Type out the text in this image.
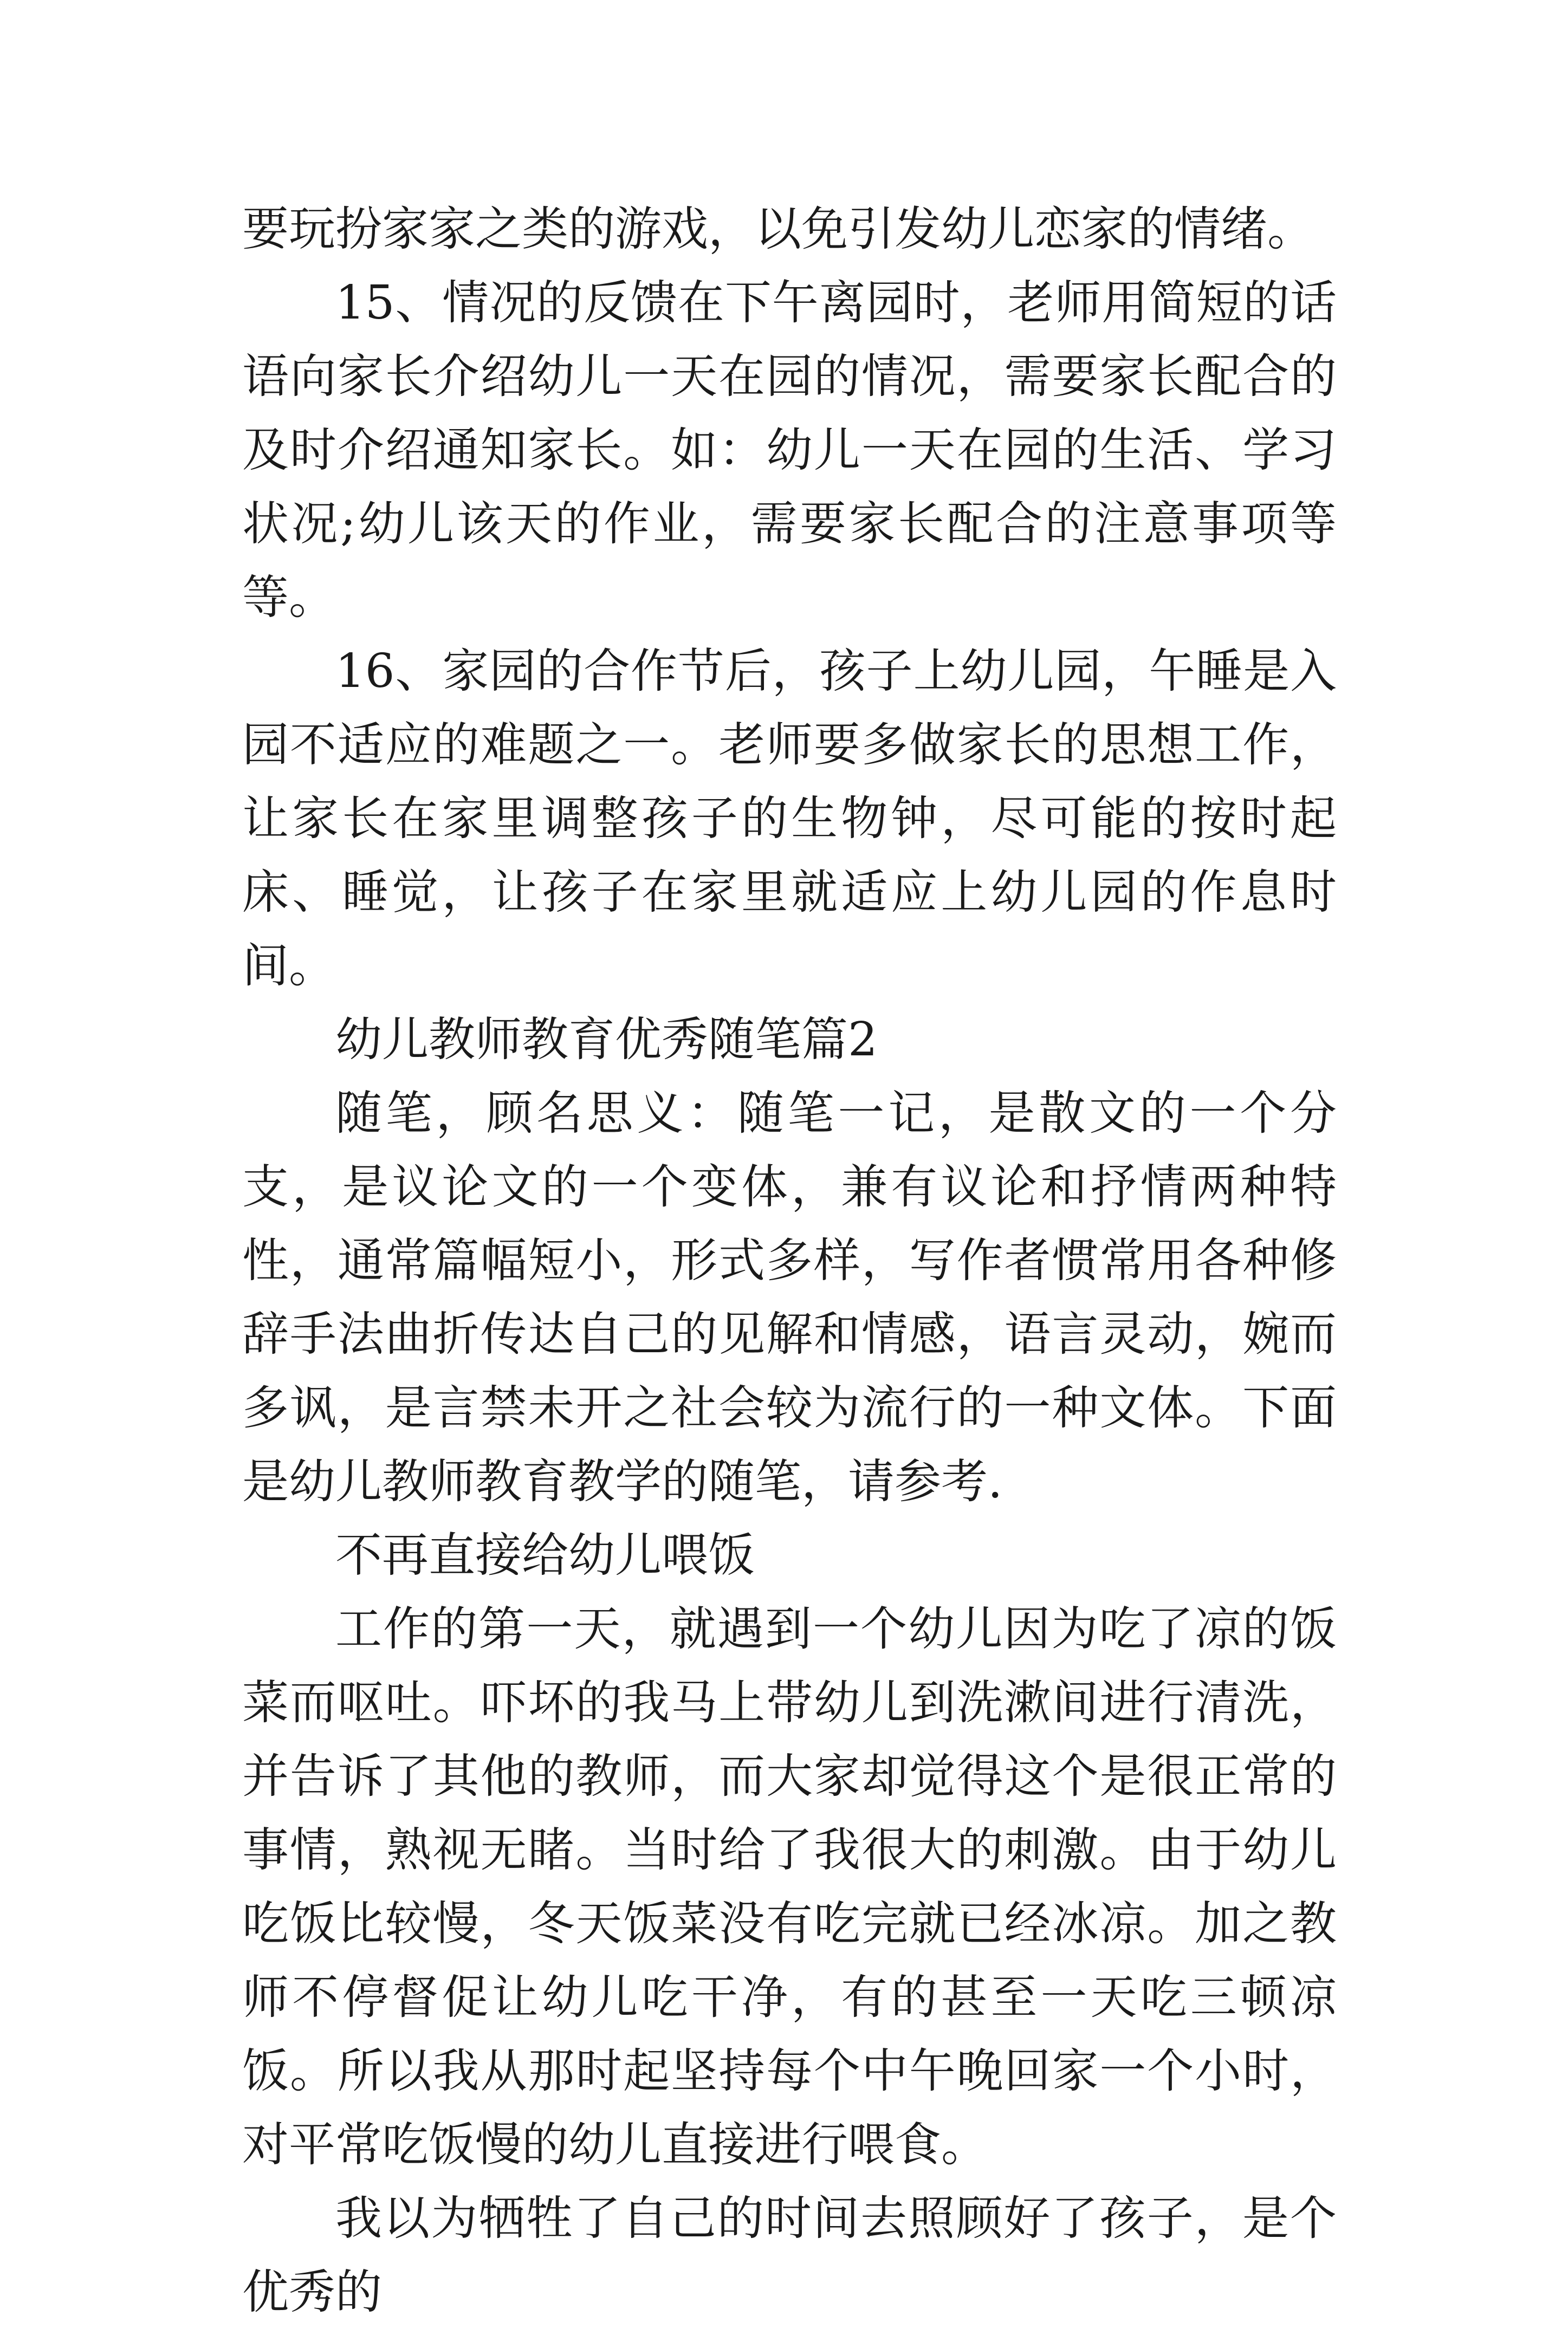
要玩扮家家之类的游戏，以免引发幼儿恋家的情绪。

15、情况的反馈在下午离园时，老师用简短的话语向家长介绍幼儿一天在园的情况，需要家长配合的及时介绍通知家长。如：幼儿一天在园的生活、学习状况;幼儿该天的作业，需要家长配合的注意事项等等。

16、家园的合作节后，孩子上幼儿园，午睡是入园不适应的难题之一。老师要多做家长的思想工作，让家长在家里调整孩子的生物钟，尽可能的按时起床、睡觉，让孩子在家里就适应上幼儿园的作息时间。

幼儿教师教育优秀随笔篇2

随笔，顾名思义：随笔一记，是散文的一个分支，是议论文的一个变体，兼有议论和抒情两种特性，通常篇幅短小，形式多样，写作者惯常用各种修辞手法曲折传达自己的见解和情感，语言灵动，婉而多讽，是言禁未开之社会较为流行的一种文体。下面是幼儿教师教育教学的随笔，请参考.

不再直接给幼儿喂饭

工作的第一天，就遇到一个幼儿因为吃了凉的饭菜而呕吐。吓坏的我马上带幼儿到洗漱间进行清洗，并告诉了其他的教师，而大家却觉得这个是很正常的事情，熟视无睹。当时给了我很大的刺激。由于幼儿吃饭比较慢，冬天饭菜没有吃完就已经冰凉。加之教师不停督促让幼儿吃干净，有的甚至一天吃三顿凉饭。所以我从那时起坚持每个中午晚回家一个小时，对平常吃饭慢的幼儿直接进行喂食。

我以为牺牲了自己的时间去照顾好了孩子，是个优秀的
